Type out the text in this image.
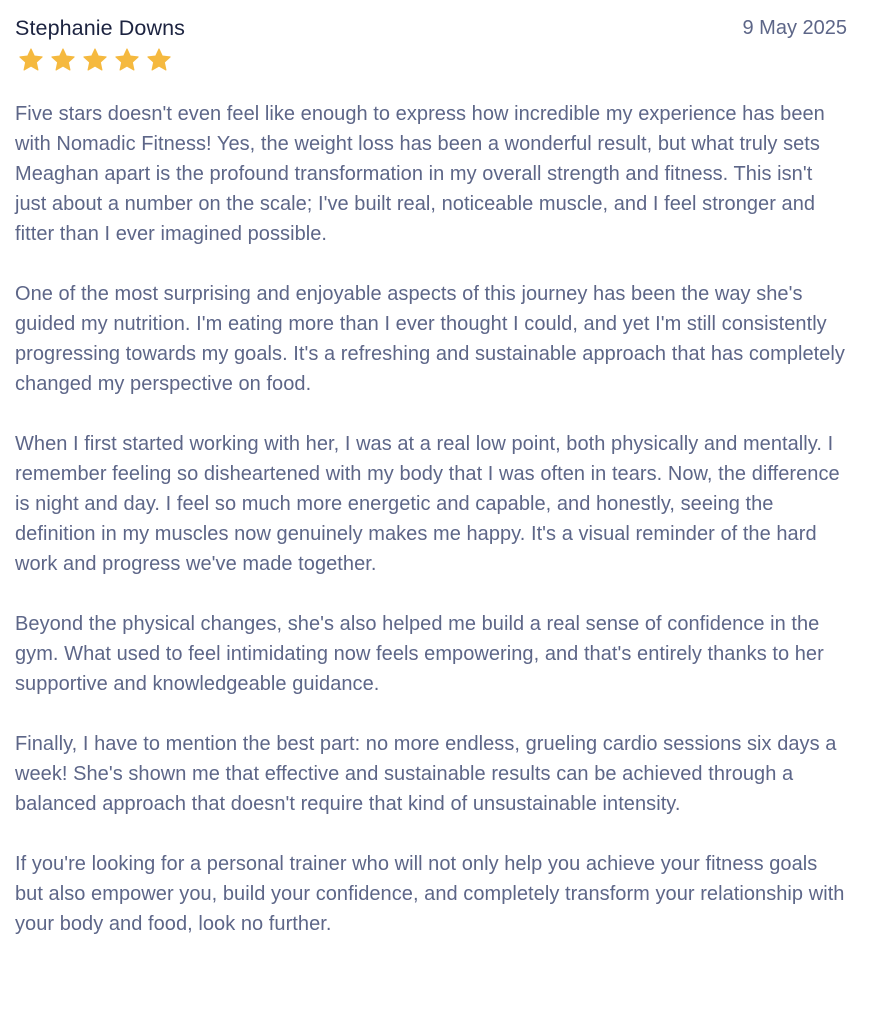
Stephanie Downs	9 May 2025

Five stars doesn't even feel like enough to express how incredible my experience has been with Nomadic Fitness! Yes, the weight loss has been a wonderful result, but what truly sets Meaghan apart is the profound transformation in my overall strength and fitness. This isn't just about a number on the scale; I've built real, noticeable muscle, and I feel stronger and fitter than I ever imagined possible.

One of the most surprising and enjoyable aspects of this journey has been the way she's guided my nutrition. I'm eating more than I ever thought I could, and yet I'm still consistently progressing towards my goals. It's a refreshing and sustainable approach that has completely changed my perspective on food.

When I first started working with her, I was at a real low point, both physically and mentally. I remember feeling so disheartened with my body that I was often in tears. Now, the difference is night and day. I feel so much more energetic and capable, and honestly, seeing the definition in my muscles now genuinely makes me happy. It's a visual reminder of the hard work and progress we've made together.

Beyond the physical changes, she's also helped me build a real sense of confidence in the gym. What used to feel intimidating now feels empowering, and that's entirely thanks to her supportive and knowledgeable guidance.

Finally, I have to mention the best part: no more endless, grueling cardio sessions six days a week! She's shown me that effective and sustainable results can be achieved through a balanced approach that doesn't require that kind of unsustainable intensity.

If you're looking for a personal trainer who will not only help you achieve your fitness goals but also empower you, build your confidence, and completely transform your relationship with your body and food, look no further.
